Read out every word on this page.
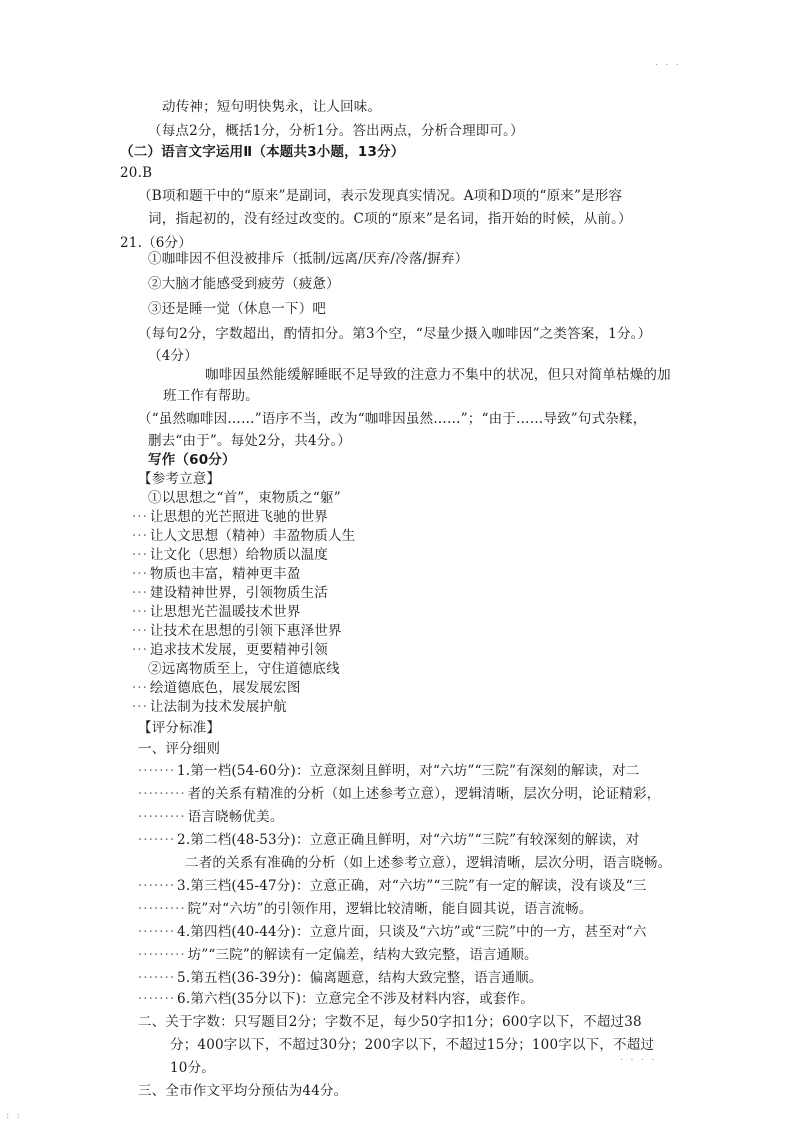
动传神；短句明快隽永，让人回味。
（每点2分，概括1分，分析1分。答出两点，分析合理即可。）
（二）语言文字运用Ⅱ（本题共3小题，13分）
20.B
（B项和题干中的“原来”是副词，表示发现真实情况。A项和D项的“原来”是形容
词，指起初的，没有经过改变的。C项的“原来”是名词，指开始的时候，从前。）
21.（6分）
①咖啡因不但没被排斥（抵制/远离/厌弃/冷落/摒弃）
②大脑才能感受到疲劳（疲惫）
③还是睡一觉（休息一下）吧
（每句2分，字数超出，酌情扣分。第3个空，“尽量少摄入咖啡因”之类答案，1分。）
（4分）
咖啡因虽然能缓解睡眠不足导致的注意力不集中的状况，但只对简单枯燥的加
班工作有帮助。
（“虽然咖啡因……”语序不当，改为“咖啡因虽然……”；“由于……导致”句式杂糅，
删去“由于”。每处2分，共4分。）
写作（60分）
【参考立意】
①以思想之“首”，束物质之“躯”
··· 让思想的光芒照进飞驰的世界
··· 让人文思想（精神）丰盈物质人生
··· 让文化（思想）给物质以温度
··· 物质也丰富，精神更丰盈
··· 建设精神世界，引领物质生活
··· 让思想光芒温暖技术世界
··· 让技术在思想的引领下惠泽世界
··· 追求技术发展，更要精神引领
②远离物质至上，守住道德底线
··· 绘道德底色，展发展宏图
··· 让法制为技术发展护航
【评分标准】
一、评分细则
······· 1.第一档(54-60分)：立意深刻且鲜明，对“六坊”“三院”有深刻的解读，对二
········· 者的关系有精准的分析（如上述参考立意），逻辑清晰，层次分明，论证精彩，
········· 语言晓畅优美。
······· 2.第二档(48-53分)：立意正确且鲜明，对“六坊”“三院”有较深刻的解读，对
二者的关系有准确的分析（如上述参考立意），逻辑清晰，层次分明，语言晓畅。
······· 3.第三档(45-47分)：立意正确，对“六坊”“三院”有一定的解读，没有谈及“三
········· 院”对“六坊”的引领作用，逻辑比较清晰，能自圆其说，语言流畅。
······· 4.第四档(40-44分)：立意片面，只谈及“六坊”或“三院”中的一方，甚至对“六
········· 坊”“三院”的解读有一定偏差，结构大致完整，语言通顺。
······· 5.第五档(36-39分)：偏离题意，结构大致完整，语言通顺。
······· 6.第六档(35分以下)：立意完全不涉及材料内容，或套作。
二、关于字数：只写题目2分；字数不足，每少50字扣1分；600字以下，不超过38
分；400字以下，不超过30分；200字以下，不超过15分；100字以下，不超过
10分。
三、全市作文平均分预估为44分。
· · ·
· · · ·
: :
